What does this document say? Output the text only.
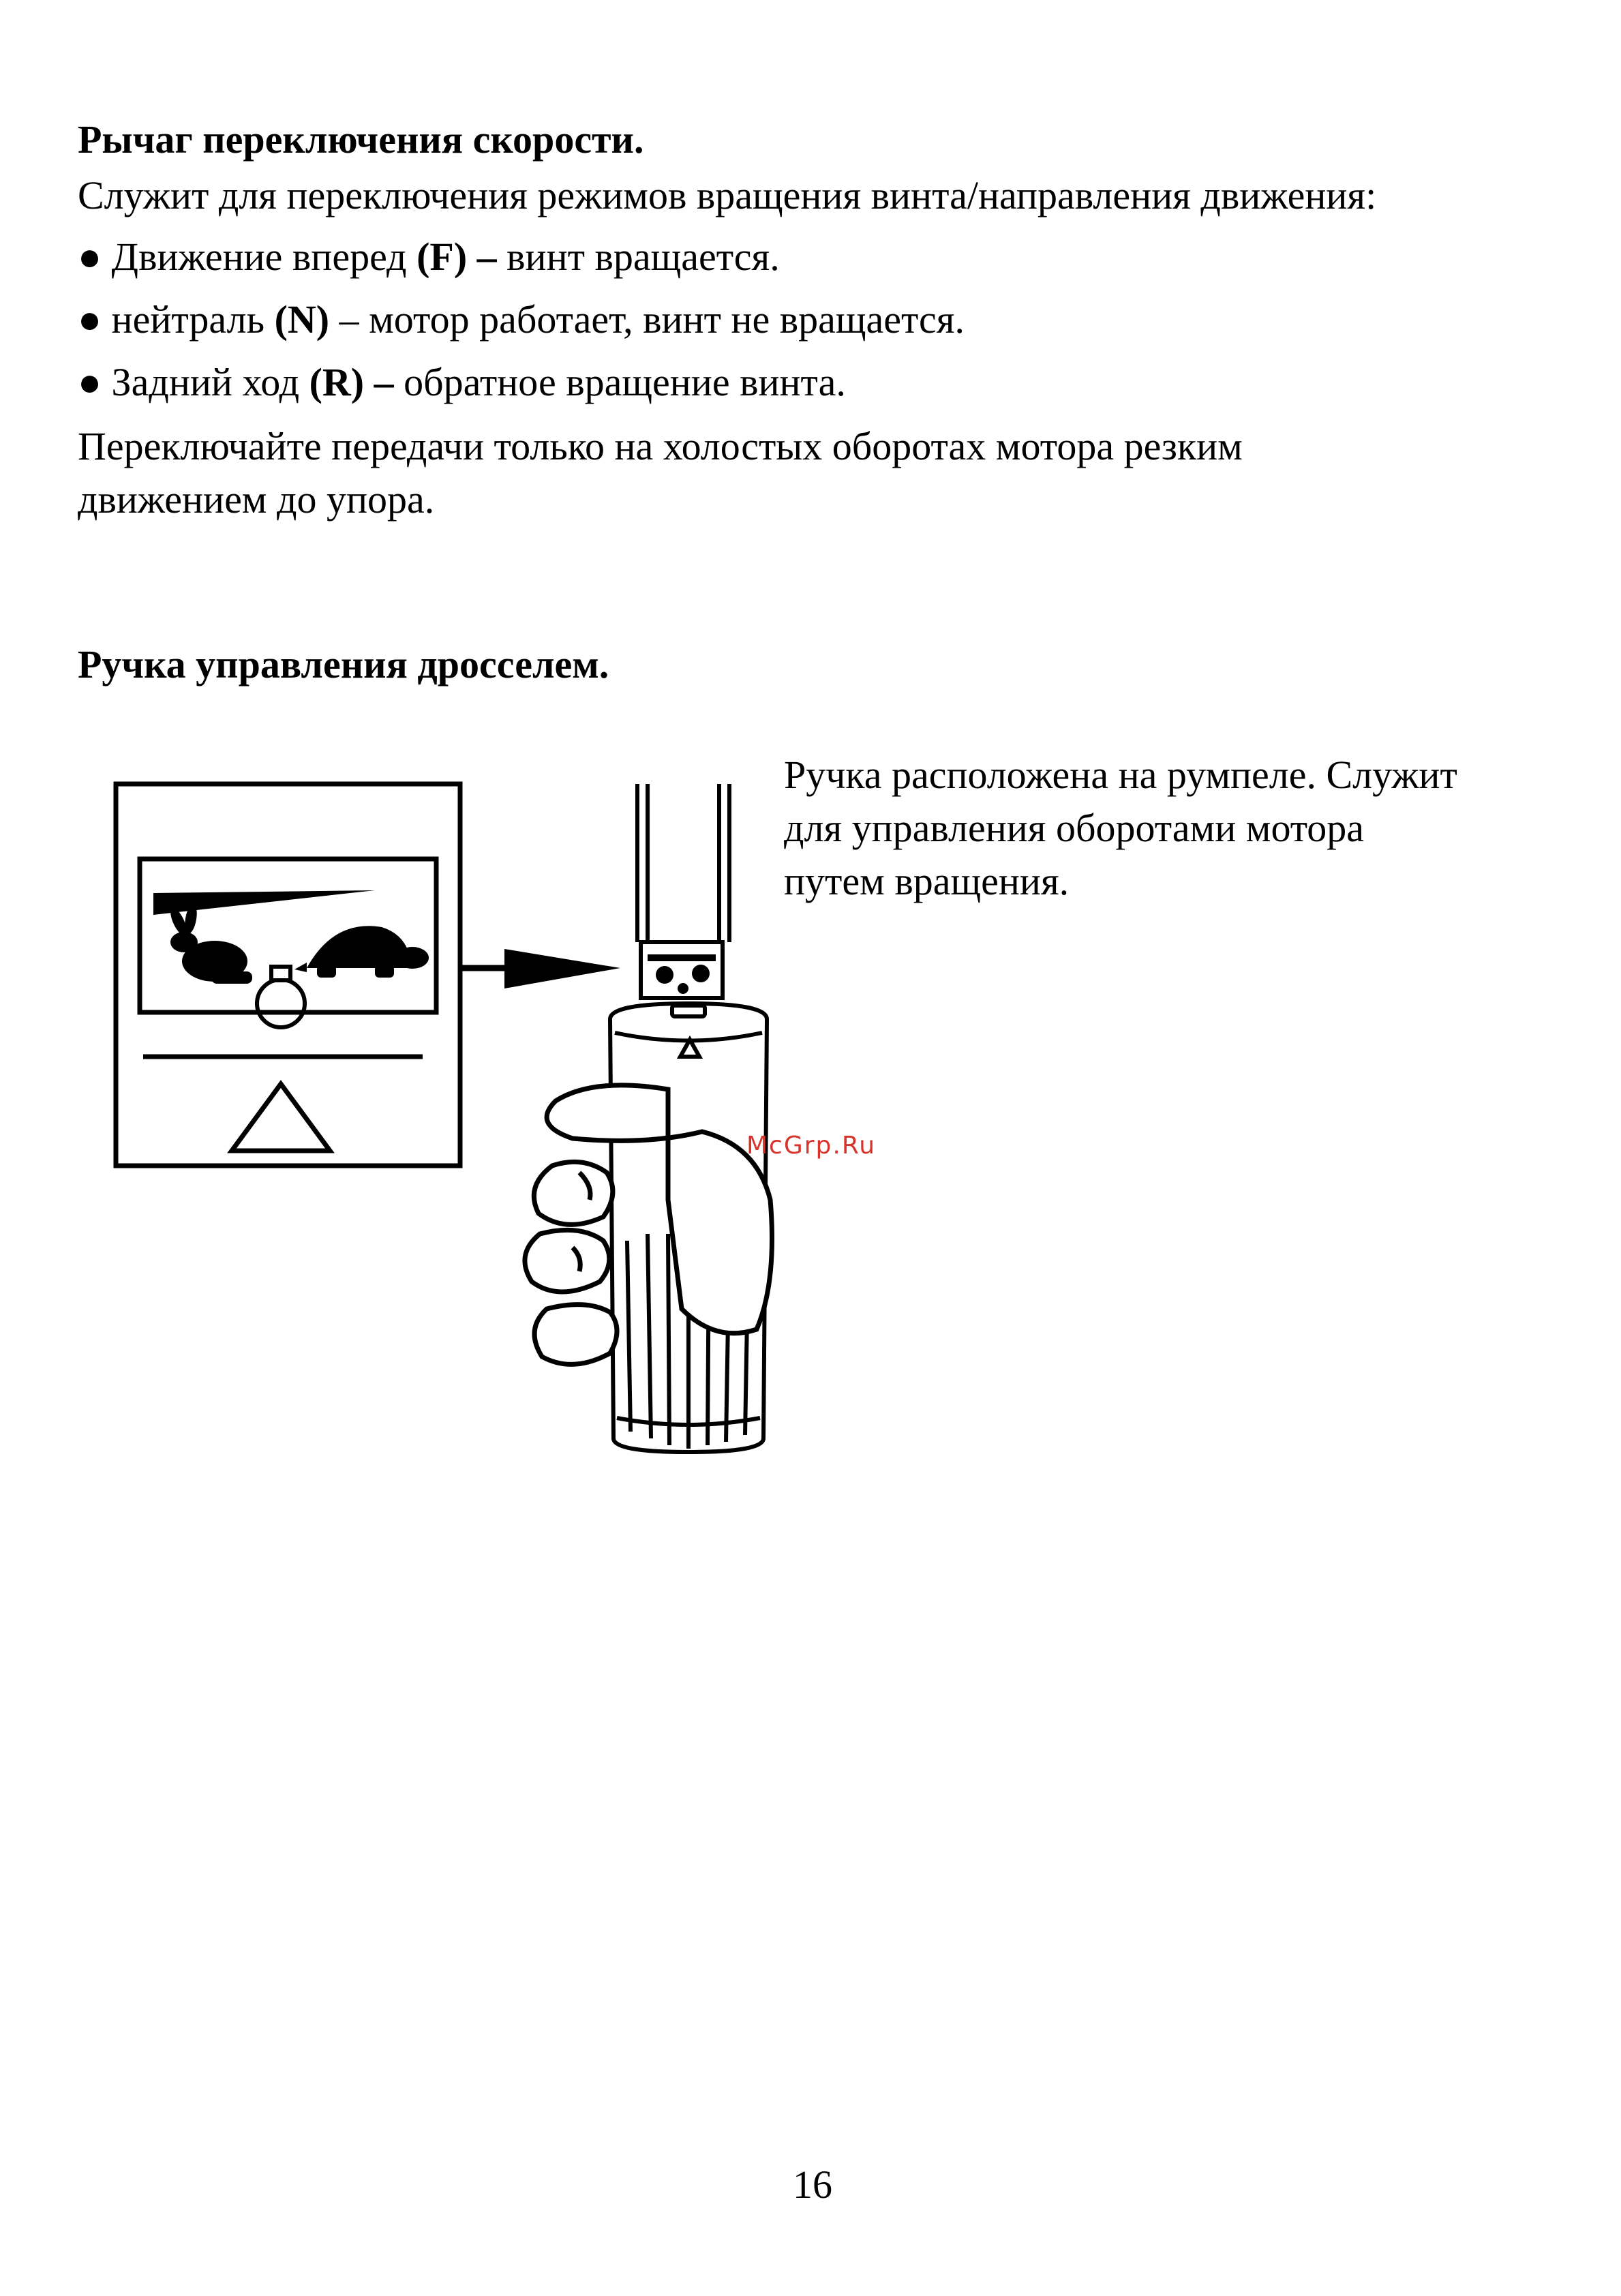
Рычаг переключения скорости.
Служит для переключения режимов вращения винта/направления движения:
● Движение вперед (F) – винт вращается.
● нейтраль (N) – мотор работает, винт не вращается.
● Задний ход (R) – обратное вращение винта.
Переключайте передачи только на холостых оборотах мотора резким
движением до упора.
Ручка управления дросселем.
Ручка расположена на румпеле. Служит
для управления оборотами мотора
путем вращения.
McGrp.Ru
16
